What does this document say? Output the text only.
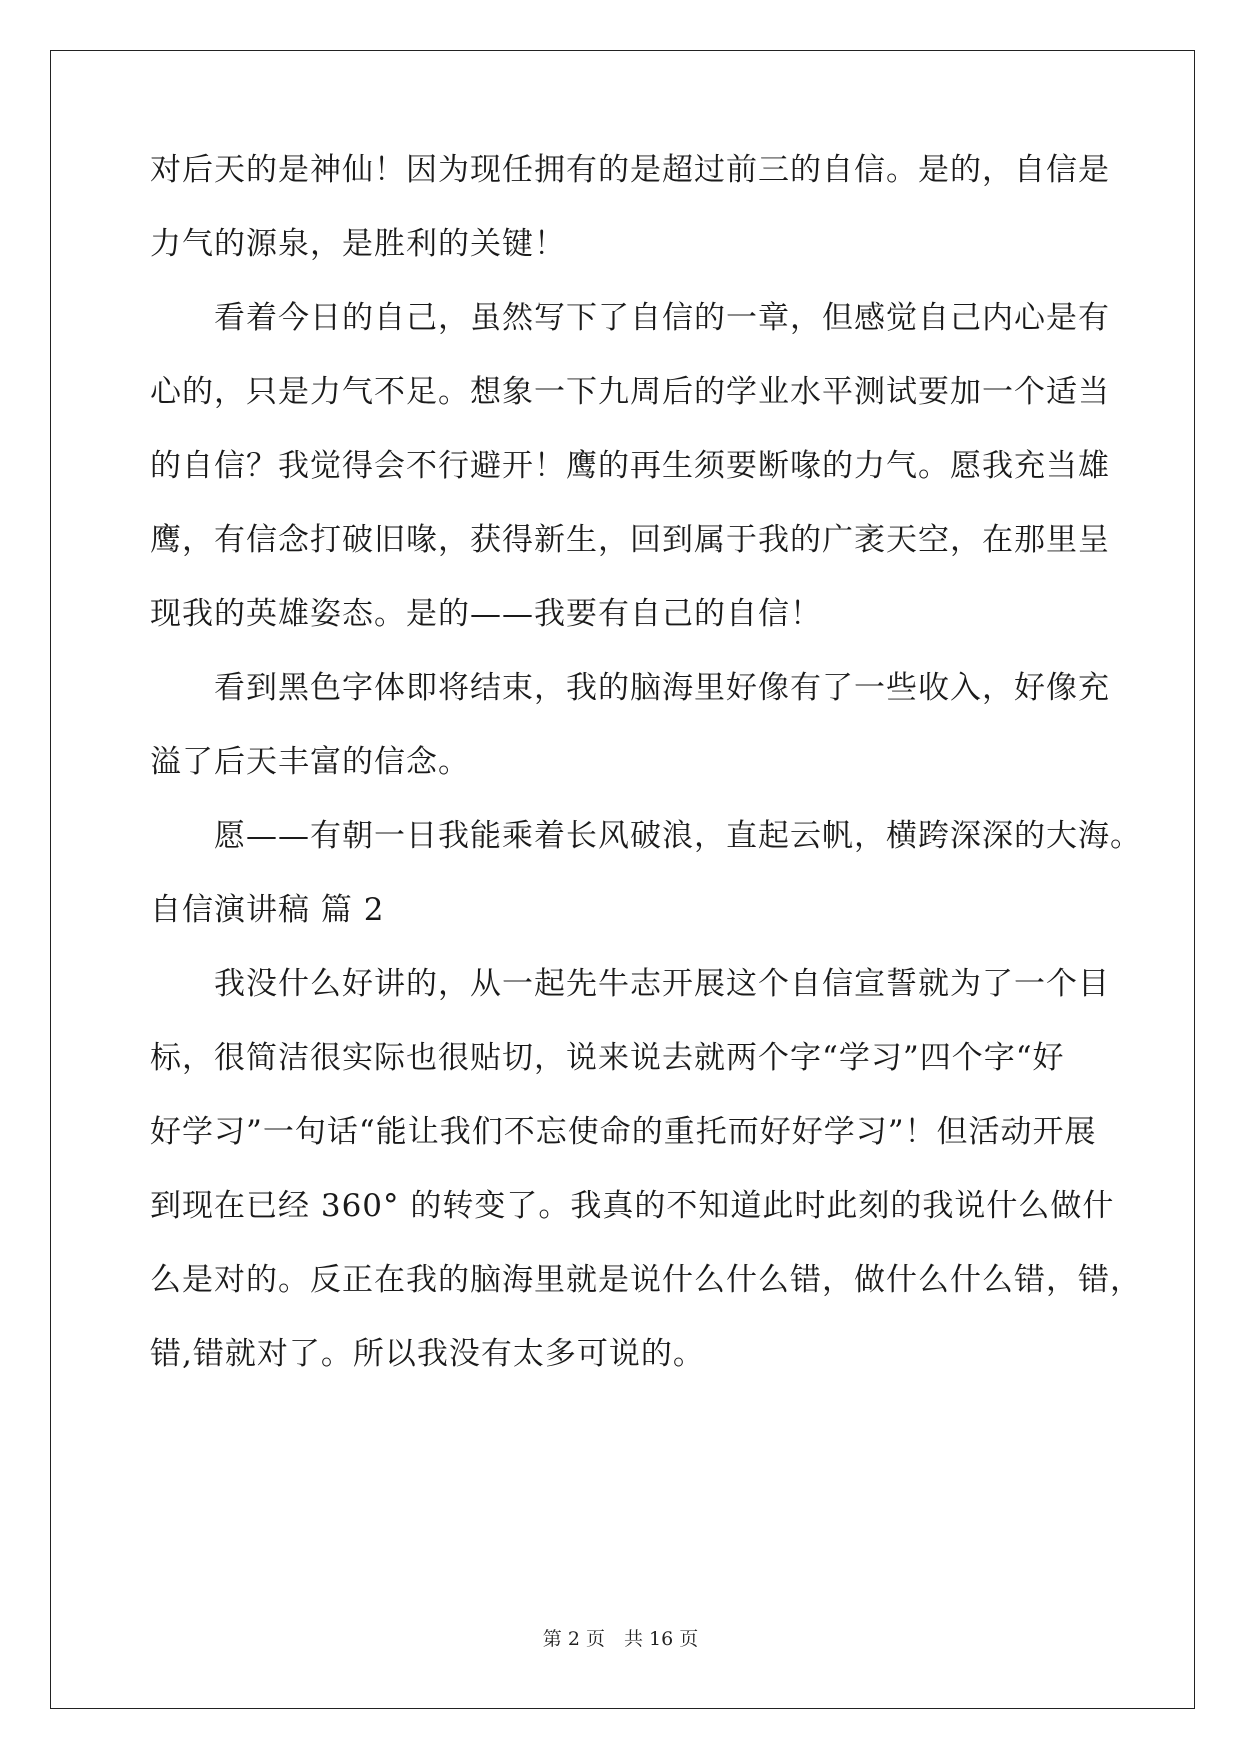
对后天的是神仙！因为现任拥有的是超过前三的自信。是的，自信是

力气的源泉，是胜利的关键！

　　看着今日的自己，虽然写下了自信的一章，但感觉自己内心是有

心的，只是力气不足。想象一下九周后的学业水平测试要加一个适当

的自信？我觉得会不行避开！鹰的再生须要断喙的力气。愿我充当雄

鹰，有信念打破旧喙，获得新生，回到属于我的广袤天空，在那里呈

现我的英雄姿态。是的——我要有自己的自信！

　　看到黑色字体即将结束，我的脑海里好像有了一些收入，好像充

溢了后天丰富的信念。

　　愿——有朝一日我能乘着长风破浪，直起云帆，横跨深深的大海。

自信演讲稿 篇 2

　　我没什么好讲的，从一起先牛志开展这个自信宣誓就为了一个目

标，很简洁很实际也很贴切，说来说去就两个字“学习”四个字“好

好学习”一句话“能让我们不忘使命的重托而好好学习”！但活动开展

到现在已经 360° 的转变了。我真的不知道此时此刻的我说什么做什

么是对的。反正在我的脑海里就是说什么什么错，做什么什么错，错，

错,错就对了。所以我没有太多可说的。

第 2 页　共 16 页
